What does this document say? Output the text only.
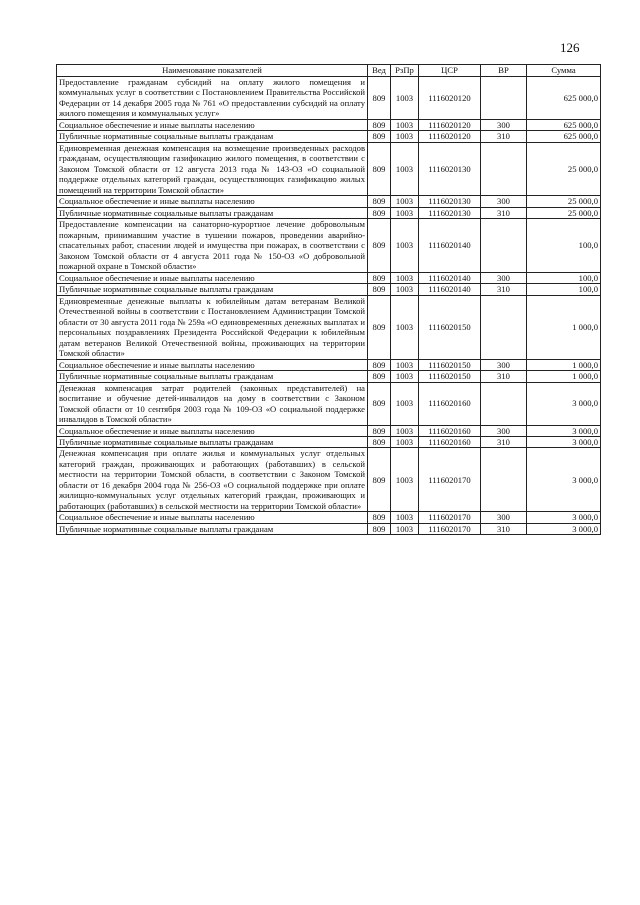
126
Наименование показателей	Вед	РзПр	ЦСР	ВР	Сумма
Предоставление гражданам субсидий на оплату жилого помещения и коммунальных услуг в соответствии с Постановлением Правительства Российской Федерации от 14 декабря 2005 года № 761 «О предоставлении субсидий на оплату жилого помещения и коммунальных услуг»	809	1003	1116020120		625 000,0
Социальное обеспечение и иные выплаты населению	809	1003	1116020120	300	625 000,0
Публичные нормативные социальные выплаты гражданам	809	1003	1116020120	310	625 000,0
Единовременная денежная компенсация на возмещение произведенных расходов гражданам, осуществляющим газификацию жилого помещения, в соответствии с Законом Томской области от 12 августа 2013 года № 143-ОЗ «О социальной поддержке отдельных категорий граждан, осуществляющих газификацию жилых помещений на территории Томской области»	809	1003	1116020130		25 000,0
Социальное обеспечение и иные выплаты населению	809	1003	1116020130	300	25 000,0
Публичные нормативные социальные выплаты гражданам	809	1003	1116020130	310	25 000,0
Предоставление компенсации на санаторно-курортное лечение добровольным пожарным, принимавшим участие в тушении пожаров, проведении аварийно-спасательных работ, спасении людей и имущества при пожарах, в соответствии с Законом Томской области от 4 августа 2011 года № 150-ОЗ «О добровольной пожарной охране в Томской области»	809	1003	1116020140		100,0
Социальное обеспечение и иные выплаты населению	809	1003	1116020140	300	100,0
Публичные нормативные социальные выплаты гражданам	809	1003	1116020140	310	100,0
Единовременные денежные выплаты к юбилейным датам ветеранам Великой Отечественной войны в соответствии с Постановлением Администрации Томской области от 30 августа 2011 года № 259а «О единовременных денежных выплатах и персональных поздравлениях Президента Российской Федерации к юбилейным датам ветеранов Великой Отечественной войны, проживающих на территории Томской области»	809	1003	1116020150		1 000,0
Социальное обеспечение и иные выплаты населению	809	1003	1116020150	300	1 000,0
Публичные нормативные социальные выплаты гражданам	809	1003	1116020150	310	1 000,0
Денежная компенсация затрат родителей (законных представителей) на воспитание и обучение детей-инвалидов на дому в соответствии с Законом Томской области от 10 сентября 2003 года № 109-ОЗ «О социальной поддержке инвалидов в Томской области»	809	1003	1116020160		3 000,0
Социальное обеспечение и иные выплаты населению	809	1003	1116020160	300	3 000,0
Публичные нормативные социальные выплаты гражданам	809	1003	1116020160	310	3 000,0
Денежная компенсация при оплате жилья и коммунальных услуг отдельных категорий граждан, проживающих и работающих (работавших) в сельской местности на территории Томской области, в соответствии с Законом Томской области от 16 декабря 2004 года № 256-ОЗ «О социальной поддержке при оплате жилищно-коммунальных услуг отдельных категорий граждан, проживающих и работающих (работавших) в сельской местности на территории Томской области»	809	1003	1116020170		3 000,0
Социальное обеспечение и иные выплаты населению	809	1003	1116020170	300	3 000,0
Публичные нормативные социальные выплаты гражданам	809	1003	1116020170	310	3 000,0
